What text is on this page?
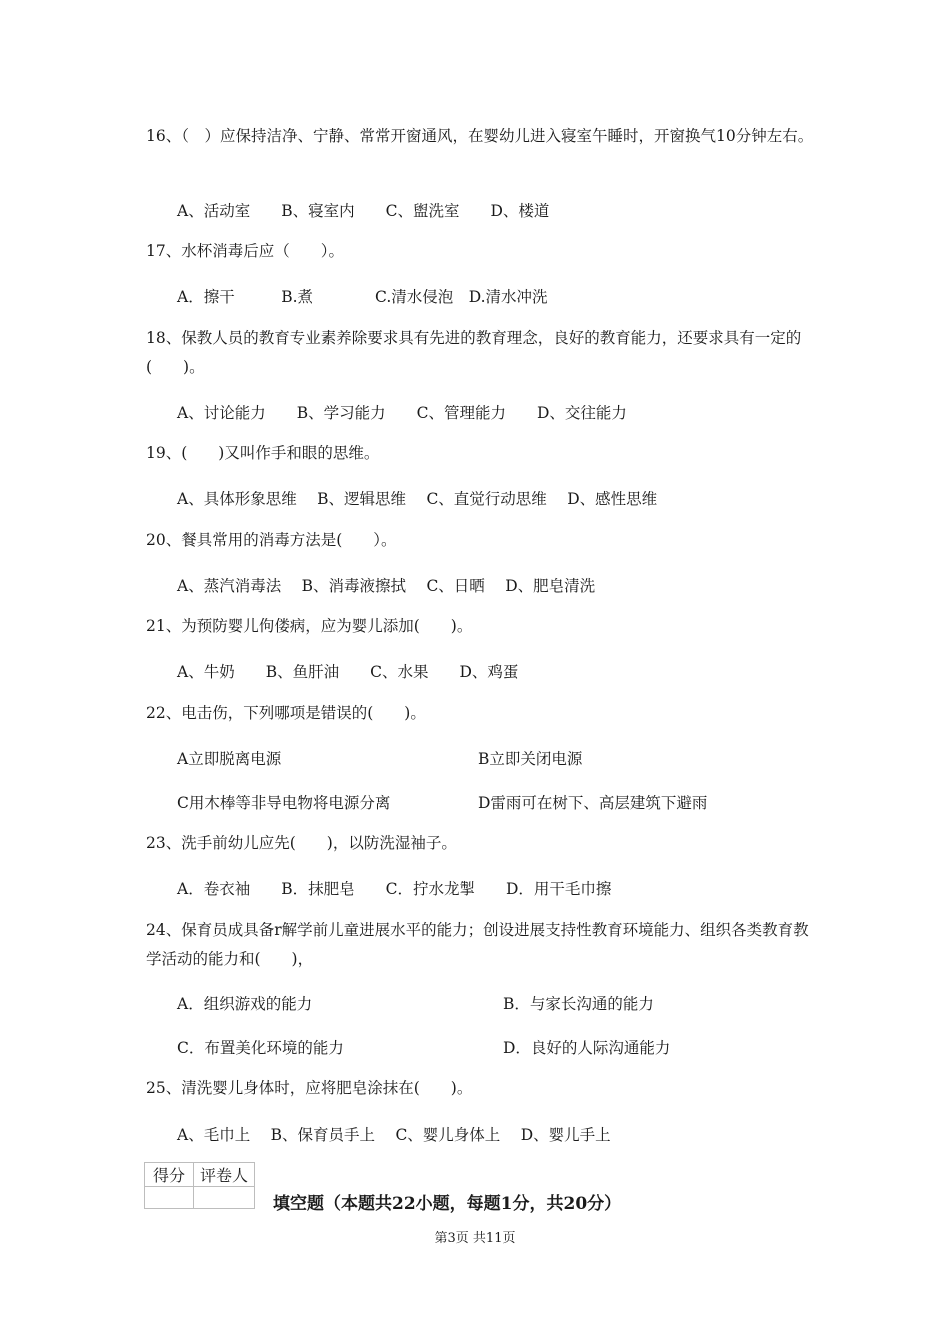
16、（　）应保持洁净、宁静、常常开窗通风，在婴幼儿进入寝室午睡时，开窗换气10分钟左右。
A、活动室　　B、寝室内　　C、盥洗室　　D、楼道
17、水杯消毒后应（　　）。
A．擦干　　　B.煮　　　　C.清水侵泡　D.清水冲洗
18、保教人员的教育专业素养除要求具有先进的教育理念，良好的教育能力，还要求具有一定的(　　)。
A、讨论能力　　B、学习能力　　C、管理能力　　D、交往能力
19、(　　)又叫作手和眼的思维。
A、具体形象思维　 B、逻辑思维　 C、直觉行动思维　 D、感性思维
20、餐具常用的消毒方法是(　　）。
A、蒸汽消毒法　 B、消毒液擦拭　 C、日晒　 D、肥皂清洗
21、为预防婴儿佝偻病，应为婴儿添加(　　)。
A、牛奶　　B、鱼肝油　　C、水果　　D、鸡蛋
22、电击伤，下列哪项是错误的(　　)。
A立即脱离电源	B立即关闭电源
C用木棒等非导电物将电源分离	D雷雨可在树下、高层建筑下避雨
23、洗手前幼儿应先(　　)，以防洗湿袖子。
A．卷衣袖　　B．抹肥皂　　C．拧水龙掣　　D．用干毛巾擦
24、保育员成具备r解学前儿童进展水平的能力；创设进展支持性教育环境能力、组织各类教育教学活动的能力和(　　)，
A．组织游戏的能力	B．与家长沟通的能力
C．布置美化环境的能力	D．良好的人际沟通能力
25、清洗婴儿身体时，应将肥皂涂抹在(　　)。
A、毛巾上　 B、保育员手上　 C、婴儿身体上　 D、婴儿手上
得分	评卷人

填空题（本题共22小题，每题1分，共20分）
第3页 共11页
